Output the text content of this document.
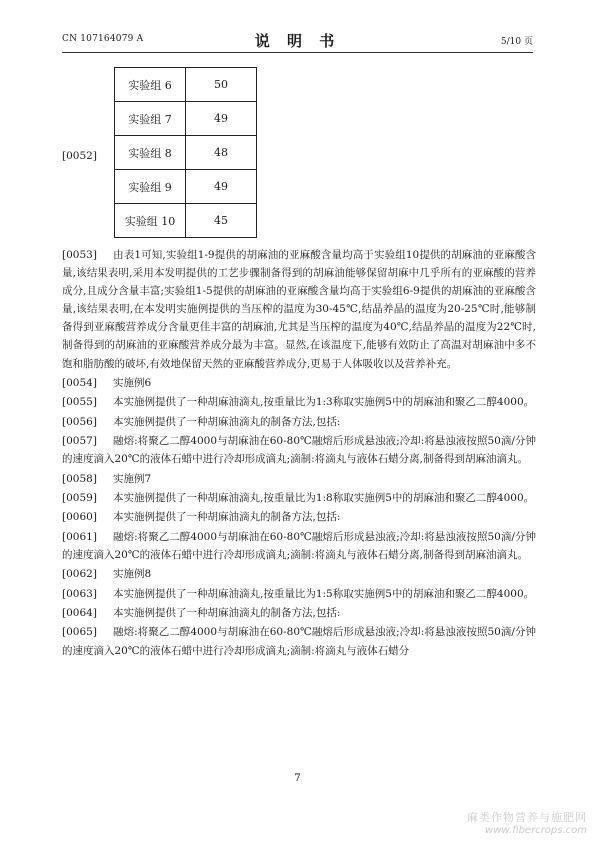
CN 107164079 A	说 明 书	5/10 页
[0052]
实验组 6	50
实验组 7	49
实验组 8	48
实验组 9	49
实验组 10	45
[0053] 由表1可知,实验组1-9提供的胡麻油的亚麻酸含量均高于实验组10提供的胡麻油的亚麻酸含量,该结果表明,采用本发明提供的工艺步骤制备得到的胡麻油能够保留胡麻中几乎所有的亚麻酸的营养成分,且成分含量丰富;实验组1-5提供的胡麻油的亚麻酸含量均高于实验组6-9提供的胡麻油的亚麻酸含量,该结果表明,在本发明实施例提供的当压榨的温度为30-45℃,结晶养晶的温度为20-25℃时,能够制备得到亚麻酸营养成分含量更佳丰富的胡麻油,尤其是当压榨的温度为40℃,结晶养晶的温度为22℃时,制备得到的胡麻油的亚麻酸营养成分最为丰富。显然,在该温度下,能够有效防止了高温对胡麻油中多不饱和脂肪酸的破坏,有效地保留天然的亚麻酸营养成分,更易于人体吸收以及营养补充。
[0054] 实施例6
[0055] 本实施例提供了一种胡麻油滴丸,按重量比为1:3称取实施例5中的胡麻油和聚乙二醇4000。
[0056] 本实施例提供了一种胡麻油滴丸的制备方法,包括:
[0057] 融熔:将聚乙二醇4000与胡麻油在60-80℃融熔后形成悬浊液;冷却:将悬浊液按照50滴/分钟的速度滴入20℃的液体石蜡中进行冷却形成滴丸;滴制:将滴丸与液体石蜡分离,制备得到胡麻油滴丸。
[0058] 实施例7
[0059] 本实施例提供了一种胡麻油滴丸,按重量比为1:8称取实施例5中的胡麻油和聚乙二醇4000。
[0060] 本实施例提供了一种胡麻油滴丸的制备方法,包括:
[0061] 融熔:将聚乙二醇4000与胡麻油在60-80℃融熔后形成悬浊液;冷却:将悬浊液按照50滴/分钟的速度滴入20℃的液体石蜡中进行冷却形成滴丸;滴制:将滴丸与液体石蜡分离,制备得到胡麻油滴丸。
[0062] 实施例8
[0063] 本实施例提供了一种胡麻油滴丸,按重量比为1:5称取实施例5中的胡麻油和聚乙二醇4000。
[0064] 本实施例提供了一种胡麻油滴丸的制备方法,包括:
[0065] 融熔:将聚乙二醇4000与胡麻油在60-80℃融熔后形成悬浊液;冷却:将悬浊液按照50滴/分钟的速度滴入20℃的液体石蜡中进行冷却形成滴丸;滴制:将滴丸与液体石蜡分
7
麻类作物营养与施肥网
www.fibercrops.com
